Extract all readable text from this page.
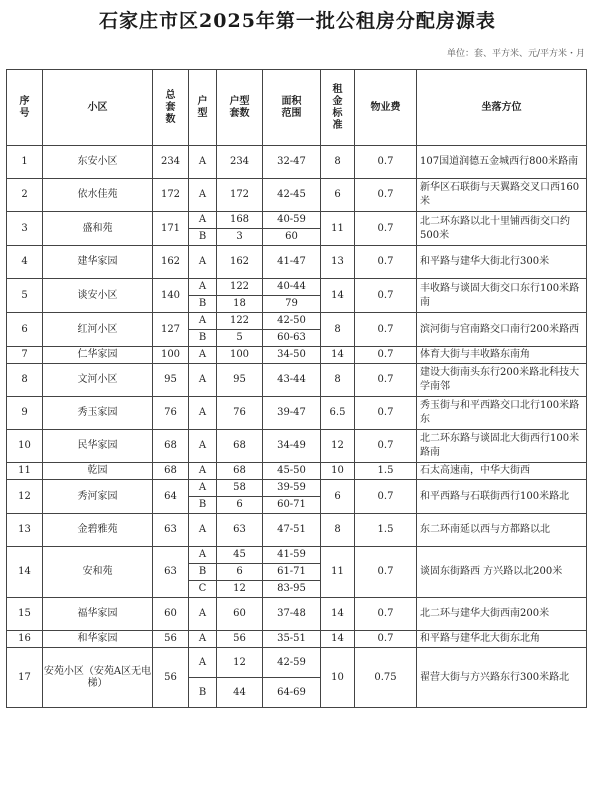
石家庄市区2025年第一批公租房分配房源表
单位：套、平方米、元/平方米・月
序号	小区	总套数	户型	户型套数	面积范围	租金标准	物业费	坐落方位
1	东安小区	234	A	234	32-47	8	0.7	107国道润德五金城西行800米路南
2	依水佳苑	172	A	172	42-45	6	0.7	新华区石联街与天翼路交叉口西160米
3	盛和苑	171	A	168	40-59	11	0.7	北二环东路以北十里铺西街交口约500米
			B	3	60			
4	建华家园	162	A	162	41-47	13	0.7	和平路与建华大街北行300米
5	谈安小区	140	A	122	40-44	14	0.7	丰收路与谈固大街交口东行100米路南
			B	18	79			
6	红河小区	127	A	122	42-50	8	0.7	滨河街与宫南路交口南行200米路西
			B	5	60-63			
7	仁华家园	100	A	100	34-50	14	0.7	体育大街与丰收路东南角
8	文河小区	95	A	95	43-44	8	0.7	建设大街南头东行200米路北科技大学南邻
9	秀玉家园	76	A	76	39-47	6.5	0.7	秀玉街与和平西路交口北行100米路东
10	民华家园	68	A	68	34-49	12	0.7	北二环东路与谈固北大街西行100米路南
11	乾园	68	A	68	45-50	10	1.5	石太高速南，中华大街西
12	秀河家园	64	A	58	39-59	6	0.7	和平西路与石联街西行100米路北
			B	6	60-71			
13	金碧雅苑	63	A	63	47-51	8	1.5	东二环南延以西与方都路以北
14	安和苑	63	A	45	41-59	11	0.7	谈固东街路西 方兴路以北200米
			B	6	61-71			
			C	12	83-95			
15	福华家园	60	A	60	37-48	14	0.7	北二环与建华大街西南200米
16	和华家园	56	A	56	35-51	14	0.7	和平路与建华北大街东北角
17	安苑小区（安苑A区无电梯）	56	A	12	42-59	10	0.75	翟营大街与方兴路东行300米路北
			B	44	64-69			
